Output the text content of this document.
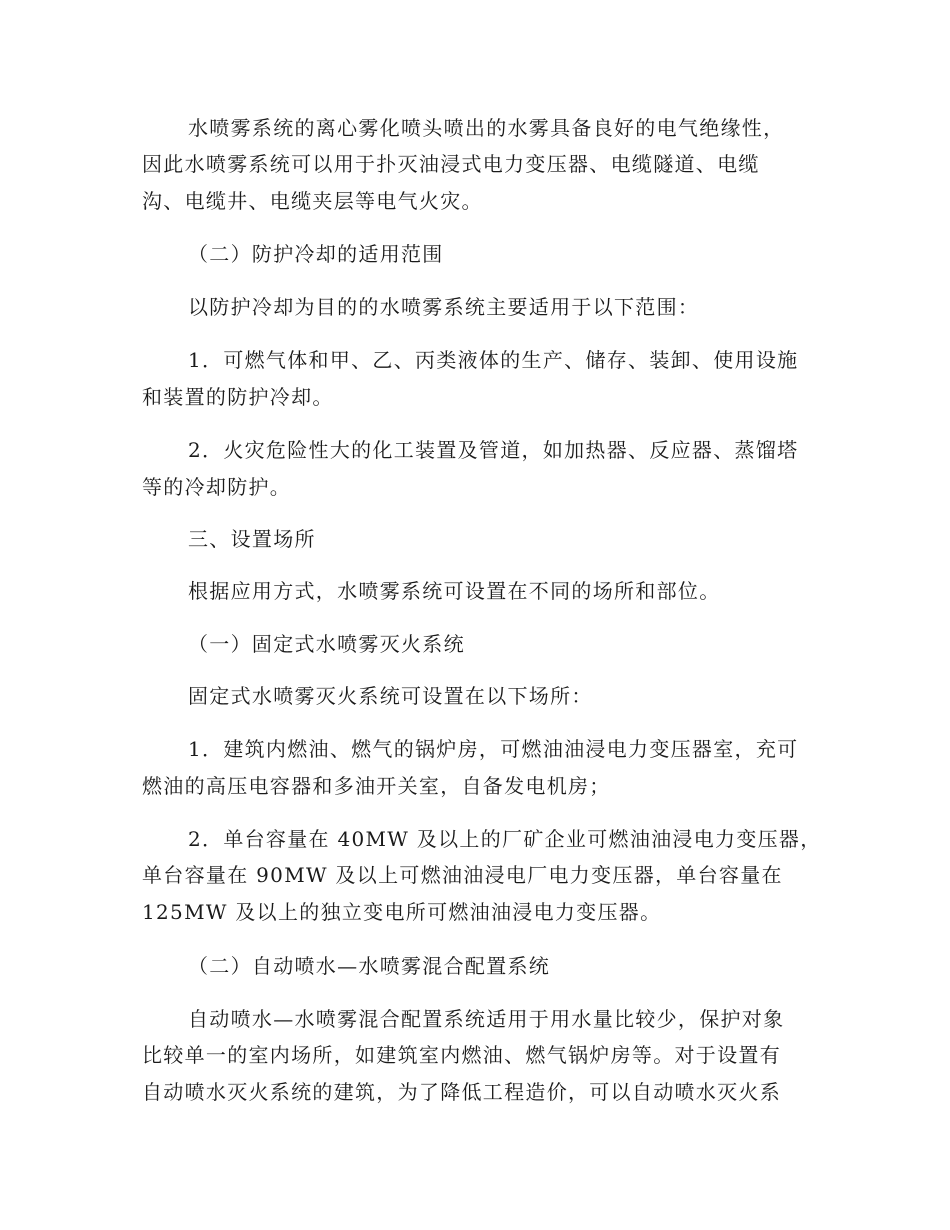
水喷雾系统的离心雾化喷头喷出的水雾具备良好的电气绝缘性，
因此水喷雾系统可以用于扑灭油浸式电力变压器、电缆隧道、电缆
沟、电缆井、电缆夹层等电气火灾。
（二）防护冷却的适用范围
以防护冷却为目的的水喷雾系统主要适用于以下范围：
1．可燃气体和甲、乙、丙类液体的生产、储存、装卸、使用设施
和装置的防护冷却。
2．火灾危险性大的化工装置及管道，如加热器、反应器、蒸馏塔
等的冷却防护。
三、设置场所
根据应用方式，水喷雾系统可设置在不同的场所和部位。
（一）固定式水喷雾灭火系统
固定式水喷雾灭火系统可设置在以下场所：
1．建筑内燃油、燃气的锅炉房，可燃油油浸电力变压器室，充可
燃油的高压电容器和多油开关室，自备发电机房；
2．单台容量在 40MW 及以上的厂矿企业可燃油油浸电力变压器，
单台容量在 90MW 及以上可燃油油浸电厂电力变压器，单台容量在
125MW 及以上的独立变电所可燃油油浸电力变压器。
（二）自动喷水—水喷雾混合配置系统
自动喷水—水喷雾混合配置系统适用于用水量比较少，保护对象
比较单一的室内场所，如建筑室内燃油、燃气锅炉房等。对于设置有
自动喷水灭火系统的建筑，为了降低工程造价，可以自动喷水灭火系
